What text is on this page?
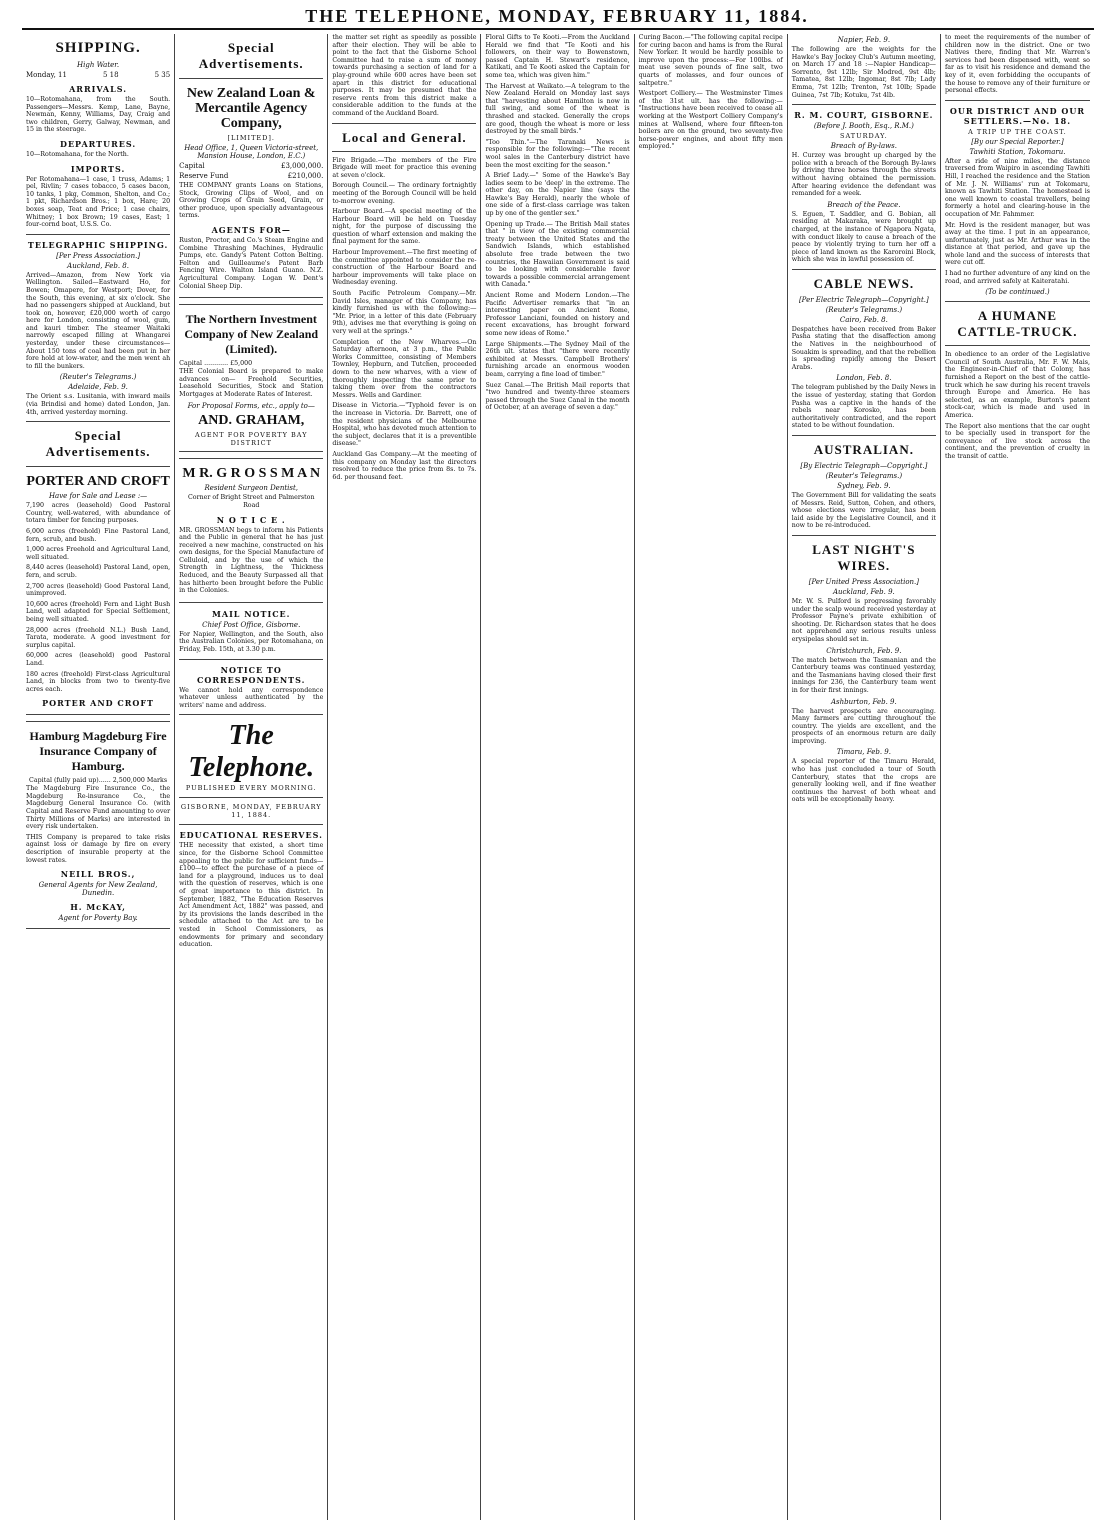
THE TELEPHONE, MONDAY, FEBRUARY 11, 1884.
SHIPPING.
High Water.
Monday, 11	5 18	5 35
ARRIVALS.

10—Rotomahana, from the South. Passengers—Messrs. Kemp, Lane, Bayne, Newman, Kenny, Williams, Day, Craig and two children, Gerry, Galway, Newman, and 15 in the steerage.

DEPARTURES.

10—Rotomahana, for the North.

IMPORTS.

Per Rotomahana—1 case, 1 truss, Adams; 1 pel, Rivlin; 7 cases tobacco, 5 cases bacon, 10 tanks, 1 pkg, Common, Shelton, and Co.; 1 pkt, Richardson Bros.; 1 box, Hare; 20 boxes soap, Teat and Price; 1 case chairs, Whitney; 1 box Brown; 19 cases, East; 1 four-cornd boat, U.S.S. Co.

TELEGRAPHIC SHIPPING.
[Per Press Association.]
Auckland, Feb. 8.

Arrived—Amazon, from New York via Wellington. Sailed—Eastward Ho, for Bowen; Omapere, for Westport; Dover, for the South, this evening, at six o'clock. She had no passengers shipped at Auckland, but took on, however, £20,000 worth of cargo here for London, consisting of wool, gum, and kauri timber. The steamer Waitaki narrowly escaped filling at Whangarei yesterday, under these circumstances—About 150 tons of coal had been put in her fore hold at low-water, and the men went ah to fill the bunkers.

(Reuter's Telegrams.)
Adelaide, Feb. 9.

The Orient s.s. Lusitania, with inward mails (via Brindisi and home) dated London, Jan. 4th, arrived yesterday morning.

Special Advertisements.
PORTER AND CROFT
Have for Sale and Lease :—

7,190 acres (leasehold) Good Pastoral Country, well-watered, with abundance of totara timber for fencing purposes.

6,000 acres (freehold) Fine Pastoral Land, fern, scrub, and bush.

1,000 acres Freehold and Agricultural Land, well situated.

8,440 acres (leasehold) Pastoral Land, open, fern, and scrub.

2,700 acres (leasehold) Good Pastoral Land, unimproved.

10,600 acres (freehold) Fern and Light Bush Land, well adapted for Special Settlement, being well situated.

28,000 acres (freehold N.L.) Bush Land, Tarata, moderate. A good investment for surplus capital.

60,000 acres (leasehold) good Pastoral Land.

180 acres (freehold) First-class Agricultural Land, in blocks from two to twenty-five acres each.

PORTER AND CROFT
Hamburg Magdeburg Fire Insurance Company of Hamburg.
Capital (fully paid up)...... 2,500,000 Marks

The Magdeburg Fire Insurance Co., the Magdeburg Re-insurance Co., the Magdeburg General Insurance Co. (with Capital and Reserve Fund amounting to over Thirty Millions of Marks) are interested in every risk undertaken.

THIS Company is prepared to take risks against loss or damage by fire on every description of insurable property at the lowest rates.

NEILL BROS.,
General Agents for New Zealand, Dunedin.
H. McKAY,
Agent for Poverty Bay.
Special Advertisements.
New Zealand Loan & Mercantile Agency Company,
[LIMITED].
Head Office, 1, Queen Victoria-street, Mansion House, London, E.C.)
Capital	£3,000,000.
Reserve Fund	£210,000.

THE COMPANY grants Loans on Stations, Stock, Growing Clips of Wool, and on Growing Crops of Grain Seed, Grain, or other produce, upon specially advantageous terms.

AGENTS FOR—

Ruston, Proctor, and Co.'s Steam Engine and Combine Thrashing Machines, Hydraulic Pumps, etc. Gandy's Patent Cotton Belting. Felton and Guilleaume's Patent Barb Fencing Wire. Walton Island Guano. N.Z. Agricultural Company. Logan W. Dent's Colonial Sheep Dip.

The Northern Investment Company of New Zealand (Limited).
Capital ............ £5,000

THE Colonial Board is prepared to make advances on— Freehold Securities, Leasehold Securities, Stock and Station Mortgages at Moderate Rates of Interest.

For Proposal Forms, etc., apply to—
AND. GRAHAM,
AGENT FOR POVERTY BAY DISTRICT
M R. G R O S S M A N
Resident Surgeon Dentist,
Corner of Bright Street and Palmerston Road
N O T I C E .

MR. GROSSMAN begs to inform his Patients and the Public in general that he has just received a new machine, constructed on his own designs, for the Special Manufacture of Celluloid, and by the use of which the Strength in Lightness, the Thickness Reduced, and the Beauty Surpassed all that has hitherto been brought before the Public in the Colonies.

MAIL NOTICE.
Chief Post Office, Gisborne.

For Napier, Wellington, and the South, also the Australian Colonies, per Rotomahana, on Friday, Feb. 15th, at 3.30 p.m.

NOTICE TO CORRESPONDENTS.

We cannot hold any correspondence whatever unless authenticated by the writers' name and address.

The Telephone.
PUBLISHED EVERY MORNING.
GISBORNE, MONDAY, FEBRUARY 11, 1884.
EDUCATIONAL RESERVES.

THE necessity that existed, a short time since, for the Gisborne School Committee appealing to the public for sufficient funds—£100—to effect the purchase of a piece of land for a playground, induces us to deal with the question of reserves, which is one of great importance to this district. In September, 1882, "The Education Reserves Act Amendment Act, 1882" was passed, and by its provisions the lands described in the schedule attached to the Act are to be vested in School Commissioners, as endowments for primary and secondary education.

the matter set right as speedily as possible after their election. They will be able to point to the fact that the Gisborne School Committee had to raise a sum of money towards purchasing a section of land for a play-ground while 600 acres have been set apart in this district for educational purposes. It may be presumed that the reserve rents from this district make a considerable addition to the funds at the command of the Auckland Board.

Local and General.

Fire Brigade.—The members of the Fire Brigade will meet for practice this evening at seven o'clock.

Borough Council.— The ordinary fortnightly meeting of the Borough Council will be held to-morrow evening.

Harbour Board.—A special meeting of the Harbour Board will be held on Tuesday night, for the purpose of discussing the question of wharf extension and making the final payment for the same.

Harbour Improvement.—The first meeting of the committee appointed to consider the re-construction of the Harbour Board and harbour improvements will take place on Wednesday evening.

South Pacific Petroleum Company.—Mr. David Isles, manager of this Company, has kindly furnished us with the following:— "Mr. Prior, in a letter of this date (February 9th), advises me that everything is going on very well at the springs."

Completion of the New Wharves.—On Saturday afternoon, at 3 p.m., the Public Works Committee, consisting of Members Townley, Hepburn, and Tutchen, proceeded down to the new wharves, with a view of thoroughly inspecting the same prior to taking them over from the contractors Messrs. Wells and Gardiner.

Disease in Victoria.—"Typhoid fever is on the increase in Victoria. Dr. Barrett, one of the resident physicians of the Melbourne Hospital, who has devoted much attention to the subject, declares that it is a preventible disease."

Auckland Gas Company.—At the meeting of this company on Monday last the directors resolved to reduce the price from 8s. to 7s. 6d. per thousand feet.

Floral Gifts to Te Kooti.—From the Auckland Herald we find that "Te Kooti and his followers, on their way to Bowenstown, passed Captain H. Stewart's residence, Katikati, and Te Kooti asked the Captain for some tea, which was given him."

The Harvest at Waikato.—A telegram to the New Zealand Herald on Monday last says that "harvesting about Hamilton is now in full swing, and some of the wheat is thrashed and stacked. Generally the crops are good, though the wheat is more or less destroyed by the small birds."

"Too Thin."—The Taranaki News is responsible for the following:—"The recent wool sales in the Canterbury district have been the most exciting for the season."

A Brief Lady.—" Some of the Hawke's Bay ladies seem to be 'deep' in the extreme. The other day, on the Napier line (says the Hawke's Bay Herald), nearly the whole of one side of a first-class carriage was taken up by one of the gentler sex."

Opening up Trade.— The British Mail states that " in view of the existing commercial treaty between the United States and the Sandwich Islands, which established absolute free trade between the two countries, the Hawaiian Government is said to be looking with considerable favor towards a possible commercial arrangement with Canada."

Ancient Rome and Modern London.—The Pacific Advertiser remarks that "in an interesting paper on Ancient Rome, Professor Lanciani, founded on history and recent excavations, has brought forward some new ideas of Rome."

Large Shipments.—The Sydney Mail of the 26th ult. states that "there were recently exhibited at Messrs. Campbell Brothers' furnishing arcade an enormous wooden beam, carrying a fine load of timber."

Suez Canal.—The British Mail reports that "two hundred and twenty-three steamers passed through the Suez Canal in the month of October, at an average of seven a day."

Curing Bacon.—"The following capital recipe for curing bacon and hams is from the Rural New Yorker. It would be hardly possible to improve upon the process:—For 100lbs. of meat use seven pounds of fine salt, two quarts of molasses, and four ounces of saltpetre."

Westport Colliery.— The Westminster Times of the 31st ult. has the following:— "Instructions have been received to cease all working at the Westport Colliery Company's mines at Wallsend, where four fifteen-ton boilers are on the ground, two seventy-five horse-power engines, and about fifty men employed."

Napier, Feb. 9.

The following are the weights for the Hawke's Bay Jockey Club's Autumn meeting, on March 17 and 18 :—Napier Handicap—Sorrento, 9st 12lb; Sir Modred, 9st 4lb; Tamatea, 8st 12lb; Ingomar, 8st 7lb; Lady Emma, 7st 12lb; Trenton, 7st 10lb; Spade Guinea, 7st 7lb; Kotuku, 7st 4lb.

R. M. COURT, GISBORNE.
(Before J. Booth, Esq., R.M.)
SATURDAY.
Breach of By-laws.

H. Curzey was brought up charged by the police with a breach of the Borough By-laws by driving three horses through the streets without having obtained the permission. After hearing evidence the defendant was remanded for a week.

Breach of the Peace.

S. Eguen, T. Saddler, and G. Bobian, all residing at Makaraka, were brought up charged, at the instance of Ngapora Ngata, with conduct likely to cause a breach of the peace by violently trying to turn her off a piece of land known as the Karoroini Block, which she was in lawful possession of.

CABLE NEWS.
[Per Electric Telegraph—Copyright.]
(Reuter's Telegrams.)
Cairo, Feb. 8.

Despatches have been received from Baker Pasha stating that the disaffection among the Natives in the neighbourhood of Souakim is spreading, and that the rebellion is spreading rapidly among the Desert Arabs.

London, Feb. 8.

The telegram published by the Daily News in the issue of yesterday, stating that Gordon Pasha was a captive in the hands of the rebels near Korosko, has been authoritatively contradicted, and the report stated to be without foundation.

AUSTRALIAN.
[By Electric Telegraph—Copyright.]
(Reuter's Telegrams.)
Sydney, Feb. 9.

The Government Bill for validating the seats of Messrs. Reid, Sutton, Cohen, and others, whose elections were irregular, has been laid aside by the Legislative Council, and it now to be re-introduced.

LAST NIGHT'S WIRES.
[Per United Press Association.]
Auckland, Feb. 9.

Mr. W. S. Pulford is progressing favorably under the scalp wound received yesterday at Professor Payne's private exhibition of shooting. Dr. Richardson states that he does not apprehend any serious results unless erysipelas should set in.

Christchurch, Feb. 9.

The match between the Tasmanian and the Canterbury teams was continued yesterday, and the Tasmanians having closed their first innings for 236, the Canterbury team went in for their first innings.

Ashburton, Feb. 9.

The harvest prospects are encouraging. Many farmers are cutting throughout the country. The yields are excellent, and the prospects of an enormous return are daily improving.

Timaru, Feb. 9.

A special reporter of the Timaru Herald, who has just concluded a tour of South Canterbury, states that the crops are generally looking well, and if fine weather continues the harvest of both wheat and oats will be exceptionally heavy.

to meet the requirements of the number of children now in the district. One or two Natives there, finding that Mr. Warren's services had been dispensed with, went so far as to visit his residence and demand the key of it, even forbidding the occupants of the house to remove any of their furniture or personal effects.

OUR DISTRICT AND OUR SETTLERS.—No. 18.
A TRIP UP THE COAST.
[By our Special Reporter.]
Tawhiti Station, Tokomaru.

After a ride of nine miles, the distance traversed from Waipiro in ascending Tawhiti Hill, I reached the residence and the Station of Mr. J. N. Williams' run at Tokomaru, known as Tawhiti Station. The homestead is one well known to coastal travellers, being formerly a hotel and clearing-house in the occupation of Mr. Fahmmer.

Mr. Hovd is the resident manager, but was away at the time. I put in an appearance, unfortunately, just as Mr. Arthur was in the distance at that period, and gave up the whole land and the success of interests that were cut off.

I had no further adventure of any kind on the road, and arrived safely at Kaiteratahi.

(To be continued.)
A HUMANE CATTLE-TRUCK.

In obedience to an order of the Legislative Council of South Australia, Mr. F. W. Mais, the Engineer-in-Chief of that Colony, has furnished a Report on the best of the cattle-truck which he saw during his recent travels through Europe and America. He has selected, as an example, Burton's patent stock-car, which is made and used in America.

The Report also mentions that the car ought to be specially used in transport for the conveyance of live stock across the continent, and the prevention of cruelty in the transit of cattle.
